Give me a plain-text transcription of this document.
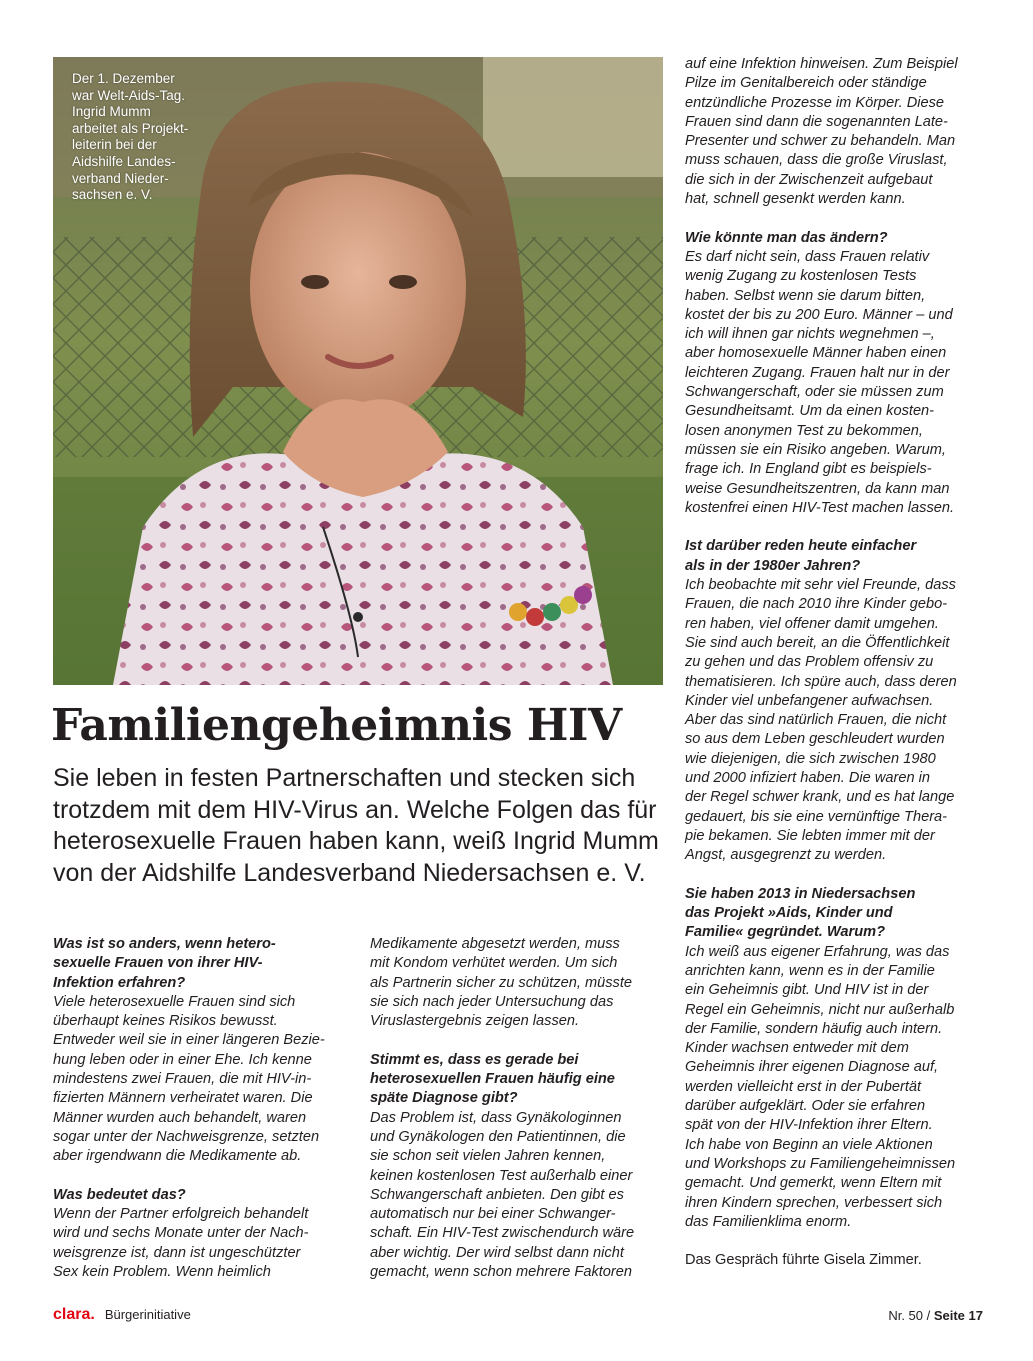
Der 1. Dezember
war Welt-Aids-Tag.
Ingrid Mumm
arbeitet als Projekt-
leiterin bei der
Aidshilfe Landes-
verband Nieder-
sachsen e. V.
Familiengeheimnis HIV
Sie leben in festen Partnerschaften und stecken sich
trotzdem mit dem HIV-Virus an. Welche Folgen das für
heterosexuelle Frauen haben kann, weiß Ingrid Mumm
von der Aidshilfe Landesverband Niedersachsen e. V.
Was ist so anders, wenn hetero-
sexuelle Frauen von ihrer HIV-
Infektion erfahren?
Viele heterosexuelle Frauen sind sich
überhaupt keines Risikos bewusst.
Entweder weil sie in einer längeren Bezie-
hung leben oder in einer Ehe. Ich kenne
mindestens zwei Frauen, die mit HIV-in-
fizierten Männern verheiratet waren. Die
Männer wurden auch behandelt, waren
sogar unter der Nachweisgrenze, setzten
aber irgendwann die Medikamente ab.
Was bedeutet das?
Wenn der Partner erfolgreich behandelt
wird und sechs Monate unter der Nach-
weisgrenze ist, dann ist ungeschützter
Sex kein Problem. Wenn heimlich
Medikamente abgesetzt werden, muss
mit Kondom verhütet werden. Um sich
als Partnerin sicher zu schützen, müsste
sie sich nach jeder Untersuchung das
Viruslastergebnis zeigen lassen.
Stimmt es, dass es gerade bei
heterosexuellen Frauen häufig eine
späte Diagnose gibt?
Das Problem ist, dass Gynäkologinnen
und Gynäkologen den Patientinnen, die
sie schon seit vielen Jahren kennen,
keinen kostenlosen Test außerhalb einer
Schwangerschaft anbieten. Den gibt es
automatisch nur bei einer Schwanger-
schaft. Ein HIV-Test zwischendurch wäre
aber wichtig. Der wird selbst dann nicht
gemacht, wenn schon mehrere Faktoren
auf eine Infektion hinweisen. Zum Beispiel
Pilze im Genitalbereich oder ständige
entzündliche Prozesse im Körper. Diese
Frauen sind dann die sogenannten Late-
Presenter und schwer zu behandeln. Man
muss schauen, dass die große Viruslast,
die sich in der Zwischenzeit aufgebaut
hat, schnell gesenkt werden kann.
Wie könnte man das ändern?
Es darf nicht sein, dass Frauen relativ
wenig Zugang zu kostenlosen Tests
haben. Selbst wenn sie darum bitten,
kostet der bis zu 200 Euro. Männer – und
ich will ihnen gar nichts wegnehmen –,
aber homosexuelle Männer haben einen
leichteren Zugang. Frauen halt nur in der
Schwangerschaft, oder sie müssen zum
Gesundheitsamt. Um da einen kosten-
losen anonymen Test zu bekommen,
müssen sie ein Risiko angeben. Warum,
frage ich. In England gibt es beispiels-
weise Gesundheitszentren, da kann man
kostenfrei einen HIV-Test machen lassen.
Ist darüber reden heute einfacher
als in der 1980er Jahren?
Ich beobachte mit sehr viel Freunde, dass
Frauen, die nach 2010 ihre Kinder gebo-
ren haben, viel offener damit umgehen.
Sie sind auch bereit, an die Öffentlichkeit
zu gehen und das Problem offensiv zu
thematisieren. Ich spüre auch, dass deren
Kinder viel unbefangener aufwachsen.
Aber das sind natürlich Frauen, die nicht
so aus dem Leben geschleudert wurden
wie diejenigen, die sich zwischen 1980
und 2000 infiziert haben. Die waren in
der Regel schwer krank, und es hat lange
gedauert, bis sie eine vernünftige Thera-
pie bekamen. Sie lebten immer mit der
Angst, ausgegrenzt zu werden.
Sie haben 2013 in Niedersachsen
das Projekt »Aids, Kinder und
Familie« gegründet. Warum?
Ich weiß aus eigener Erfahrung, was das
anrichten kann, wenn es in der Familie
ein Geheimnis gibt. Und HIV ist in der
Regel ein Geheimnis, nicht nur außerhalb
der Familie, sondern häufig auch intern.
Kinder wachsen entweder mit dem
Geheimnis ihrer eigenen Diagnose auf,
werden vielleicht erst in der Pubertät
darüber aufgeklärt. Oder sie erfahren
spät von der HIV-Infektion ihrer Eltern.
Ich habe von Beginn an viele Aktionen
und Workshops zu Familiengeheimnissen
gemacht. Und gemerkt, wenn Eltern mit
ihren Kindern sprechen, verbessert sich
das Familienklima enorm.
Das Gespräch führte Gisela Zimmer.
clara. Bürgerinitiative	Nr. 50 / Seite 17
